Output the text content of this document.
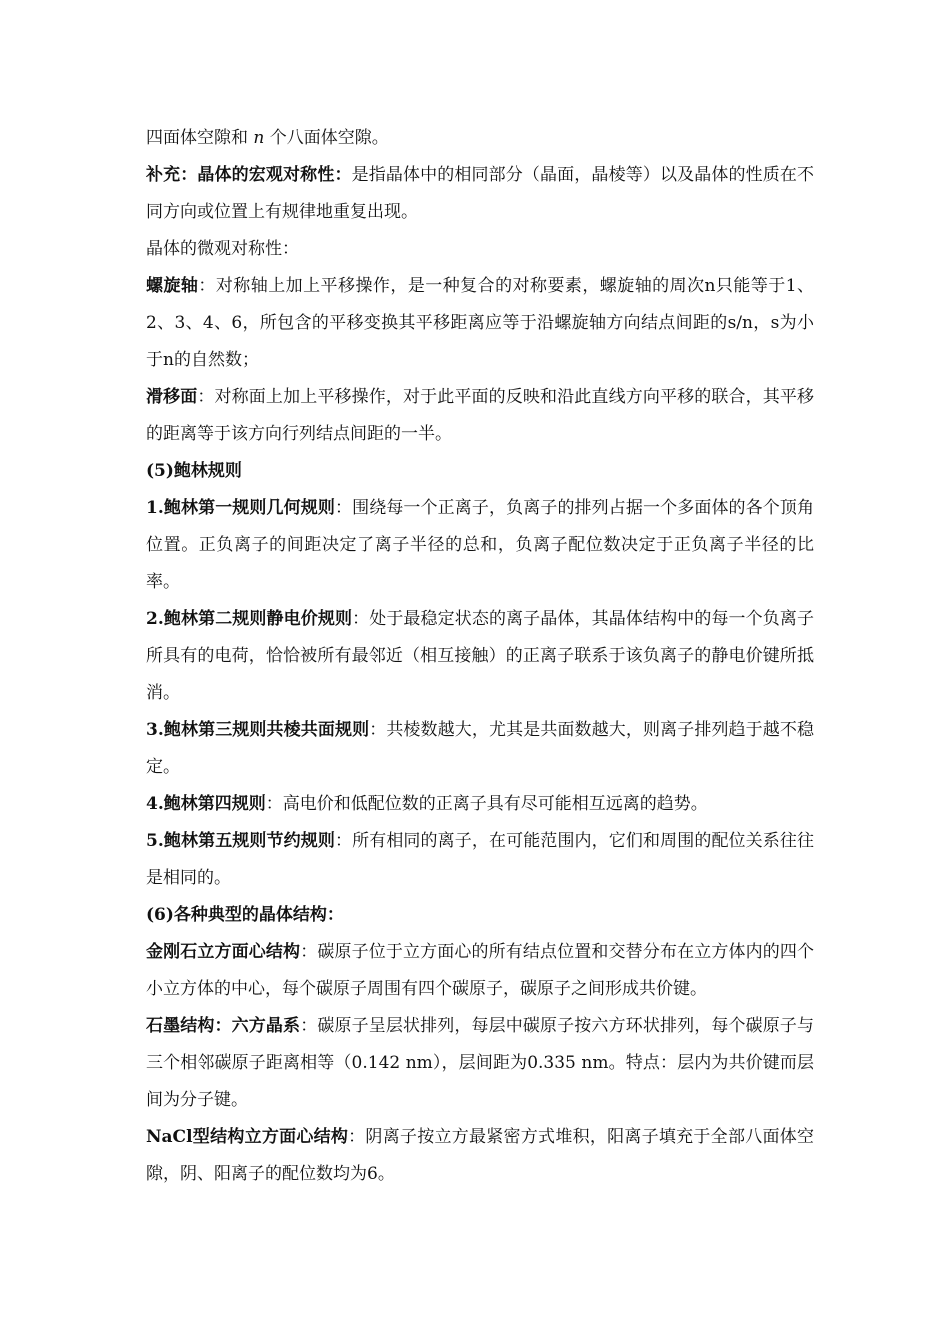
四面体空隙和 n 个八面体空隙。

补充：晶体的宏观对称性：是指晶体中的相同部分（晶面，晶棱等）以及晶体的性质在不同方向或位置上有规律地重复出现。

晶体的微观对称性：

螺旋轴：对称轴上加上平移操作，是一种复合的对称要素，螺旋轴的周次n只能等于1、2、3、4、6，所包含的平移变换其平移距离应等于沿螺旋轴方向结点间距的s/n，s为小于n的自然数；

滑移面：对称面上加上平移操作，对于此平面的反映和沿此直线方向平移的联合，其平移的距离等于该方向行列结点间距的一半。

(5)鲍林规则

1.鲍林第一规则几何规则：围绕每一个正离子，负离子的排列占据一个多面体的各个顶角位置。正负离子的间距决定了离子半径的总和，负离子配位数决定于正负离子半径的比率。

2.鲍林第二规则静电价规则：处于最稳定状态的离子晶体，其晶体结构中的每一个负离子所具有的电荷，恰恰被所有最邻近（相互接触）的正离子联系于该负离子的静电价键所抵消。

3.鲍林第三规则共棱共面规则：共棱数越大，尤其是共面数越大，则离子排列趋于越不稳定。

4.鲍林第四规则：高电价和低配位数的正离子具有尽可能相互远离的趋势。

5.鲍林第五规则节约规则：所有相同的离子，在可能范围内，它们和周围的配位关系往往是相同的。

(6)各种典型的晶体结构：

金刚石立方面心结构：碳原子位于立方面心的所有结点位置和交替分布在立方体内的四个小立方体的中心，每个碳原子周围有四个碳原子，碳原子之间形成共价键。

石墨结构：六方晶系：碳原子呈层状排列，每层中碳原子按六方环状排列，每个碳原子与三个相邻碳原子距离相等（0.142 nm），层间距为0.335 nm。特点：层内为共价键而层间为分子键。

NaCl型结构立方面心结构：阴离子按立方最紧密方式堆积，阳离子填充于全部八面体空隙，阴、阳离子的配位数均为6。
